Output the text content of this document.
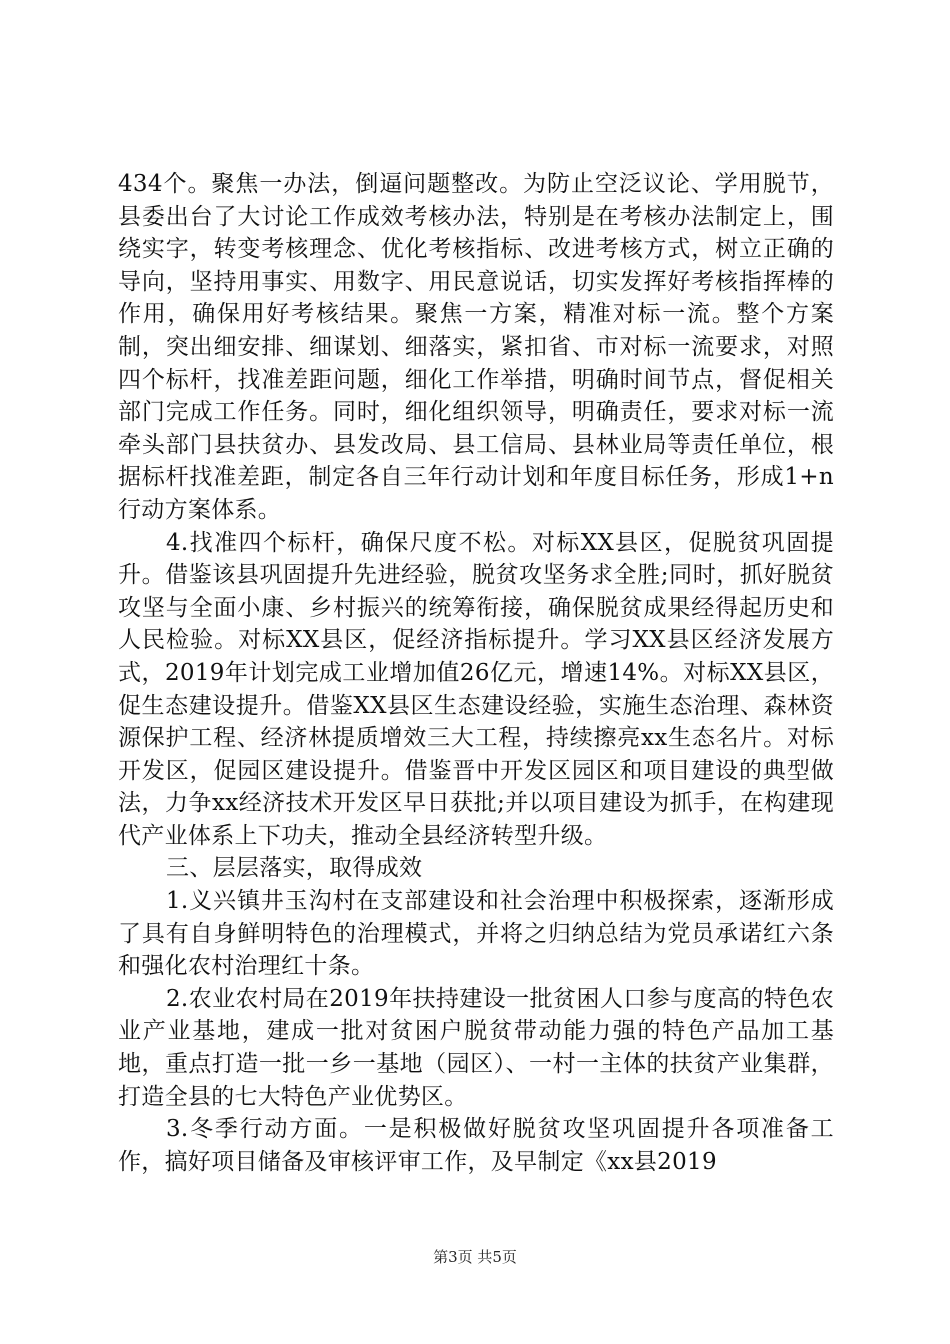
434个。聚焦一办法，倒逼问题整改。为防止空泛议论、学用脱节，县委出台了大讨论工作成效考核办法，特别是在考核办法制定上，围绕实字，转变考核理念、优化考核指标、改进考核方式，树立正确的导向，坚持用事实、用数字、用民意说话，切实发挥好考核指挥棒的作用，确保用好考核结果。聚焦一方案，精准对标一流。整个方案制，突出细安排、细谋划、细落实，紧扣省、市对标一流要求，对照四个标杆，找准差距问题，细化工作举措，明确时间节点，督促相关部门完成工作任务。同时，细化组织领导，明确责任，要求对标一流牵头部门县扶贫办、县发改局、县工信局、县林业局等责任单位，根据标杆找准差距，制定各自三年行动计划和年度目标任务，形成1+n行动方案体系。

4.找准四个标杆，确保尺度不松。对标XX县区，促脱贫巩固提升。借鉴该县巩固提升先进经验，脱贫攻坚务求全胜;同时，抓好脱贫攻坚与全面小康、乡村振兴的统筹衔接，确保脱贫成果经得起历史和人民检验。对标XX县区，促经济指标提升。学习XX县区经济发展方式，2019年计划完成工业增加值26亿元，增速14%。对标XX县区，促生态建设提升。借鉴XX县区生态建设经验，实施生态治理、森林资源保护工程、经济林提质增效三大工程，持续擦亮xx生态名片。对标开发区，促园区建设提升。借鉴晋中开发区园区和项目建设的典型做法，力争xx经济技术开发区早日获批;并以项目建设为抓手，在构建现代产业体系上下功夫，推动全县经济转型升级。

三、层层落实，取得成效

1.义兴镇井玉沟村在支部建设和社会治理中积极探索，逐渐形成了具有自身鲜明特色的治理模式，并将之归纳总结为党员承诺红六条和强化农村治理红十条。

2.农业农村局在2019年扶持建设一批贫困人口参与度高的特色农业产业基地，建成一批对贫困户脱贫带动能力强的特色产品加工基地，重点打造一批一乡一基地（园区）、一村一主体的扶贫产业集群，打造全县的七大特色产业优势区。

3.冬季行动方面。一是积极做好脱贫攻坚巩固提升各项准备工作，搞好项目储备及审核评审工作，及早制定《xx县2019

第3页 共5页
